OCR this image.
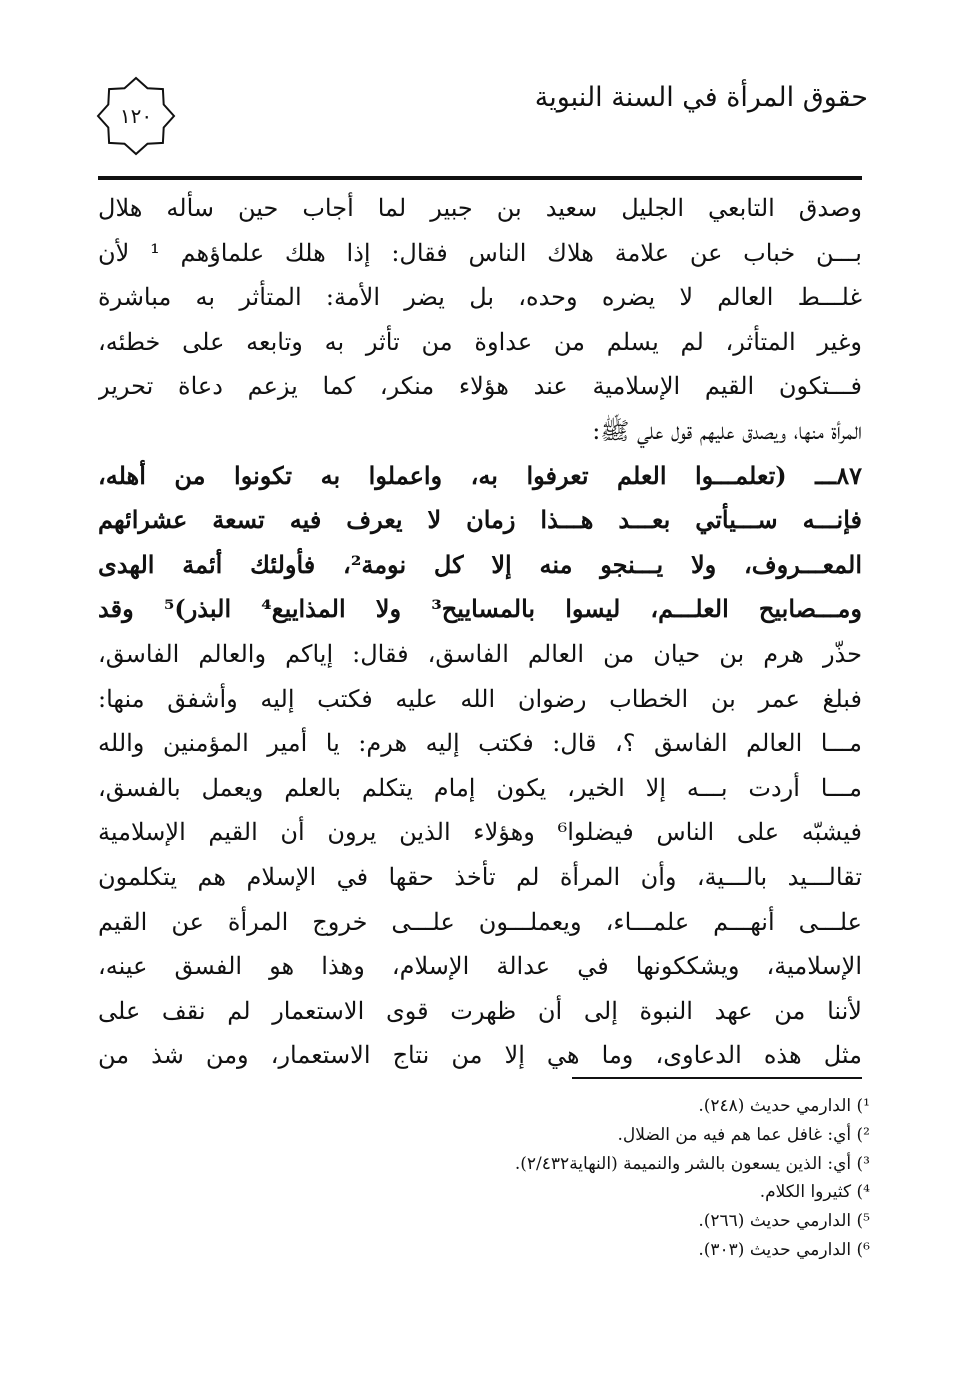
حقوق المرأة في السنة النبوية
١٢٠
وصدق التابعي الجليل سعيد بن جبير لما أجاب حين سأله هلال
بـــن خباب عن علامة هلاك الناس فقال: إذا هلك علماؤهم ¹ لأن
غلـــط العالم لا يضره وحده، بل يضر الأمة: المتأثر به مباشرة
وغير المتأثر، لم يسلم من عداوة من تأثر به وتابعه على خطئه،
فـــتكون القيم الإسلامية عند هؤلاء منكر، كما يزعم دعاة تحرير
المرأة منها، ويصدق عليهم قول علي ﷺ:
٨٧ـــ (تعلمـــوا العلم تعرفوا به، واعملوا به تكونوا من أهله،
فإنـــه ســـيأتي بعـــد هـــذا زمان لا يعرف فيه تسعة عشرائهم
المعـــروف، ولا يـــنجو منه إلا كل نومة²، فأولئك أئمة الهدى
ومـــصابيح العلـــم، ليسوا بالمساييح³ ولا المذاييع⁴ البذر)⁵ وقد
حذّر هرم بن حيان من العالم الفاسق، فقال: إياكم والعالم الفاسق،
فبلغ عمر بن الخطاب رضوان الله عليه فكتب إليه وأشفق منها:
مـــا العالم الفاسق ؟، قال: فكتب إليه هرم: يا أمير المؤمنين والله
مـــا أردت بـــه إلا الخير، يكون إمام يتكلم بالعلم ويعمل بالفسق،
فيشبّه على الناس فيضلوا⁶ وهؤلاء الذين يرون أن القيم الإسلامية
تقالـــيد بالـــية، وأن المرأة لم تأخذ حقها في الإسلام هم يتكلمون
علـــى أنهـــم علمـــاء، ويعملـــون علـــى خروج المرأة عن القيم
الإسلامية، ويشككونها في عدالة الإسلام، وهذا هو الفسق عينه،
لأننا من عهد النبوة إلى أن ظهرت قوى الاستعمار لم نقف على
مثل هذه الدعاوى، وما هي إلا من نتاج الاستعمار، ومن شذ من
¹) الدارمي حديث (٢٤٨).
²) أي: غافل عما هم فيه من الضلال.
³) أي: الذين يسعون بالشر والنميمة (النهاية٢/٤٣٢).
⁴) كثيروا الكلام.
⁵) الدارمي حديث (٢٦٦).
⁶) الدارمي حديث (٣٠٣).
